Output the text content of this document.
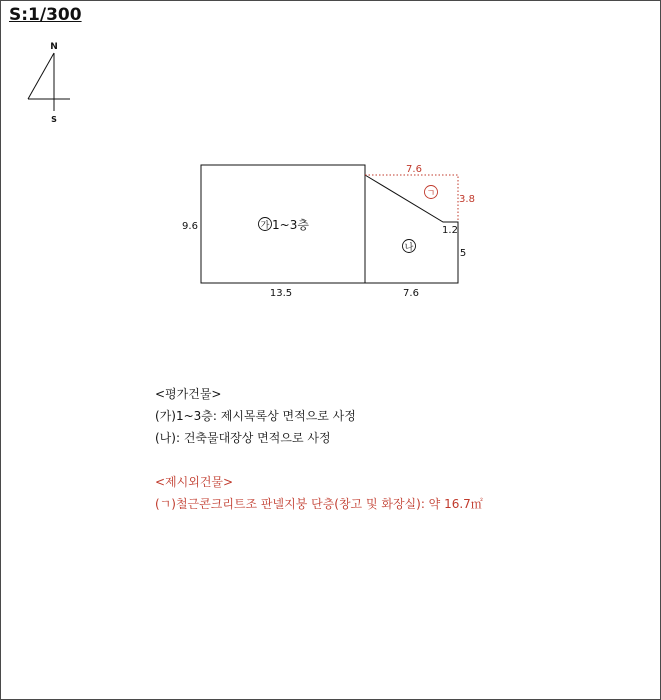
S:1/300
N
S
가 1~3층
나
ㄱ
9.6
13.5	7.6
5
1.2
7.6
3.8
<평가건물>
(가)1~3층: 제시목록상 면적으로 사정
(나): 건축물대장상 면적으로 사정
<제시외건물>
(ㄱ)철근콘크리트조 판넬지붕 단층(창고 및 화장실): 약 16.7㎡
